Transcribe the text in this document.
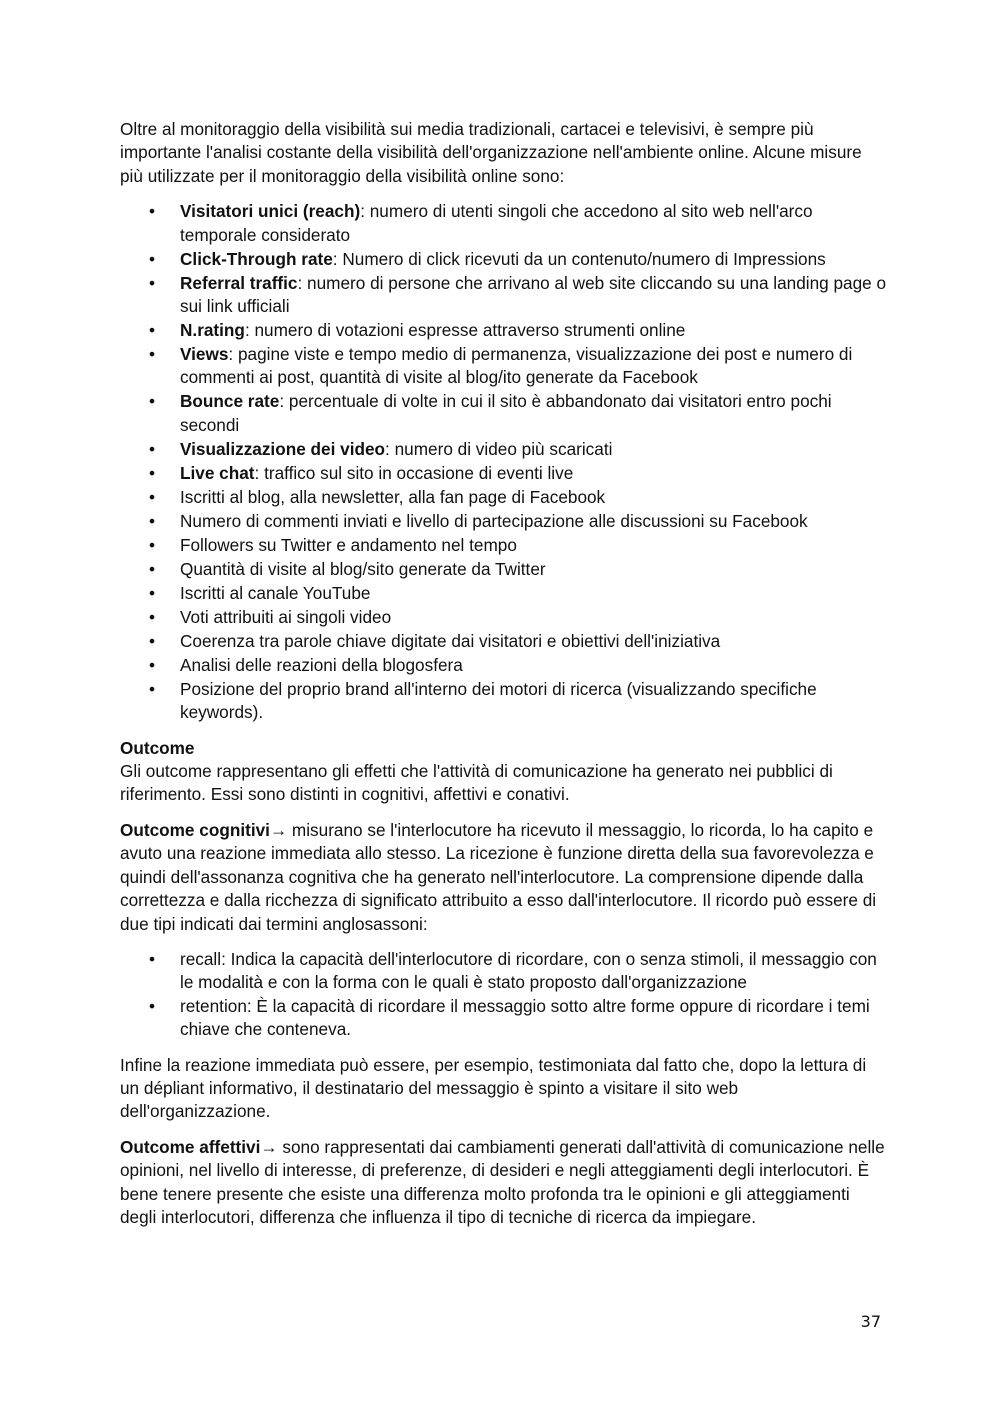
Oltre al monitoraggio della visibilità sui media tradizionali, cartacei e televisivi, è sempre più importante l'analisi costante della visibilità dell'organizzazione nell'ambiente online. Alcune misure più utilizzate per il monitoraggio della visibilità online sono:

• Visitatori unici (reach): numero di utenti singoli che accedono al sito web nell'arco temporale considerato
• Click-Through rate: Numero di click ricevuti da un contenuto/numero di Impressions
• Referral traffic: numero di persone che arrivano al web site cliccando su una landing page o sui link ufficiali
• N.rating: numero di votazioni espresse attraverso strumenti online
• Views: pagine viste e tempo medio di permanenza, visualizzazione dei post e numero di commenti ai post, quantità di visite al blog/ito generate da Facebook
• Bounce rate: percentuale di volte in cui il sito è abbandonato dai visitatori entro pochi secondi
• Visualizzazione dei video: numero di video più scaricati
• Live chat: traffico sul sito in occasione di eventi live
• Iscritti al blog, alla newsletter, alla fan page di Facebook
• Numero di commenti inviati e livello di partecipazione alle discussioni su Facebook
• Followers su Twitter e andamento nel tempo
• Quantità di visite al blog/sito generate da Twitter
• Iscritti al canale YouTube
• Voti attribuiti ai singoli video
• Coerenza tra parole chiave digitate dai visitatori e obiettivi dell'iniziativa
• Analisi delle reazioni della blogosfera
• Posizione del proprio brand all'interno dei motori di ricerca (visualizzando specifiche keywords).
Outcome
Gli outcome rappresentano gli effetti che l'attività di comunicazione ha generato nei pubblici di riferimento. Essi sono distinti in cognitivi, affettivi e conativi.

Outcome cognitivi→ misurano se l'interlocutore ha ricevuto il messaggio, lo ricorda, lo ha capito e avuto una reazione immediata allo stesso. La ricezione è funzione diretta della sua favorevolezza e quindi dell'assonanza cognitiva che ha generato nell'interlocutore. La comprensione dipende dalla correttezza e dalla ricchezza di significato attribuito a esso dall'interlocutore. Il ricordo può essere di due tipi indicati dai termini anglosassoni:

• recall: Indica la capacità dell'interlocutore di ricordare, con o senza stimoli, il messaggio con le modalità e con la forma con le quali è stato proposto dall'organizzazione
• retention: È la capacità di ricordare il messaggio sotto altre forme oppure di ricordare i temi chiave che conteneva.

Infine la reazione immediata può essere, per esempio, testimoniata dal fatto che, dopo la lettura di un dépliant informativo, il destinatario del messaggio è spinto a visitare il sito web dell'organizzazione.

Outcome affettivi→ sono rappresentati dai cambiamenti generati dall'attività di comunicazione nelle opinioni, nel livello di interesse, di preferenze, di desideri e negli atteggiamenti degli interlocutori. È bene tenere presente che esiste una differenza molto profonda tra le opinioni e gli atteggiamenti degli interlocutori, differenza che influenza il tipo di tecniche di ricerca da impiegare.

37
